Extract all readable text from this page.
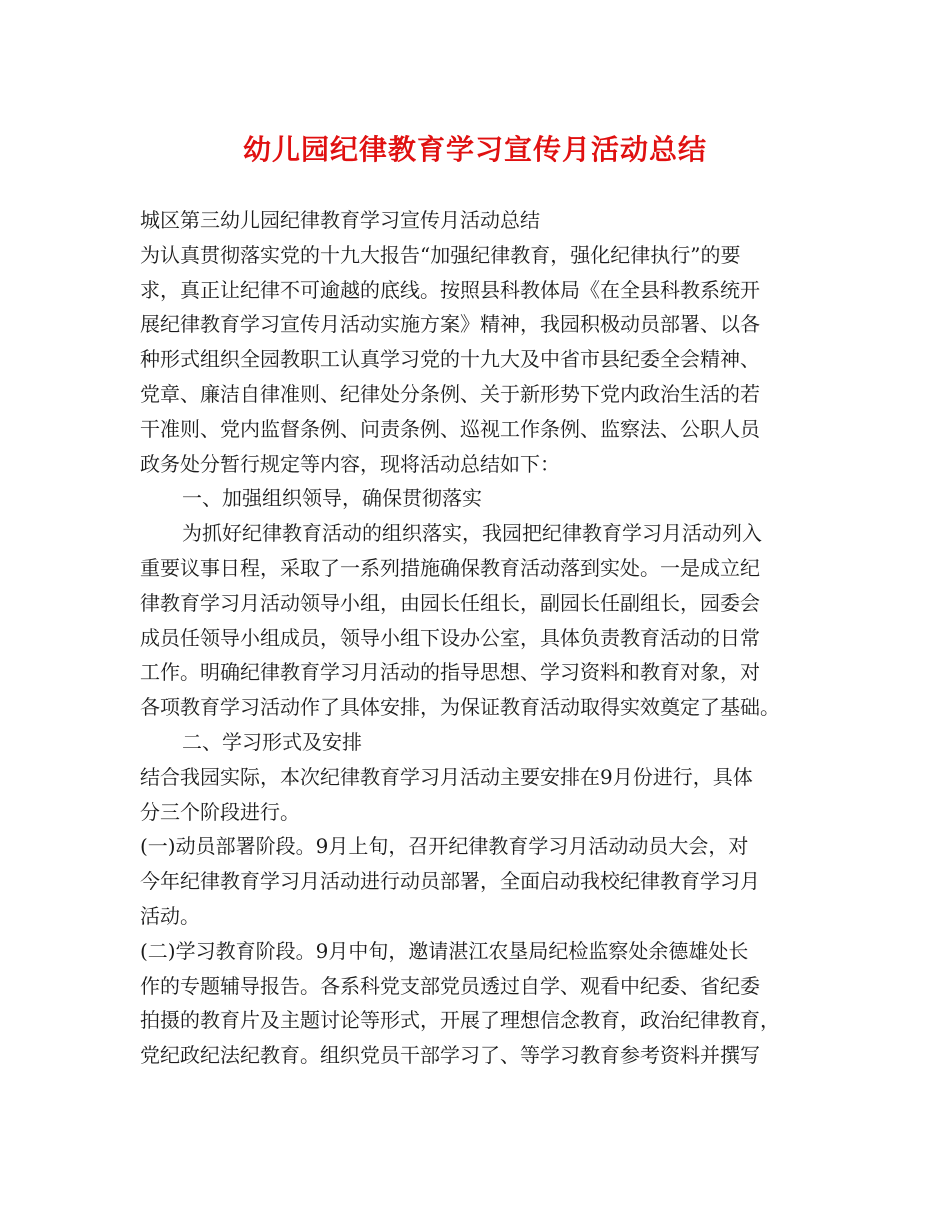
幼儿园纪律教育学习宣传月活动总结
城区第三幼儿园纪律教育学习宣传月活动总结
为认真贯彻落实党的十九大报告“加强纪律教育，强化纪律执行”的要
求，真正让纪律不可逾越的底线。按照县科教体局《在全县科教系统开
展纪律教育学习宣传月活动实施方案》精神，我园积极动员部署、以各
种形式组织全园教职工认真学习党的十九大及中省市县纪委全会精神、
党章、廉洁自律准则、纪律处分条例、关于新形势下党内政治生活的若
干准则、党内监督条例、问责条例、巡视工作条例、监察法、公职人员
政务处分暂行规定等内容，现将活动总结如下：
一、加强组织领导，确保贯彻落实
为抓好纪律教育活动的组织落实，我园把纪律教育学习月活动列入
重要议事日程，采取了一系列措施确保教育活动落到实处。一是成立纪
律教育学习月活动领导小组，由园长任组长，副园长任副组长，园委会
成员任领导小组成员，领导小组下设办公室，具体负责教育活动的日常
工作。明确纪律教育学习月活动的指导思想、学习资料和教育对象，对
各项教育学习活动作了具体安排，为保证教育活动取得实效奠定了基础。
二、学习形式及安排
结合我园实际，本次纪律教育学习月活动主要安排在9月份进行，具体
分三个阶段进行。
(一)动员部署阶段。9月上旬，召开纪律教育学习月活动动员大会，对
今年纪律教育学习月活动进行动员部署，全面启动我校纪律教育学习月
活动。
(二)学习教育阶段。9月中旬，邀请湛江农垦局纪检监察处余德雄处长
作的专题辅导报告。各系科党支部党员透过自学、观看中纪委、省纪委
拍摄的教育片及主题讨论等形式，开展了理想信念教育，政治纪律教育，
党纪政纪法纪教育。组织党员干部学习了、等学习教育参考资料并撰写
